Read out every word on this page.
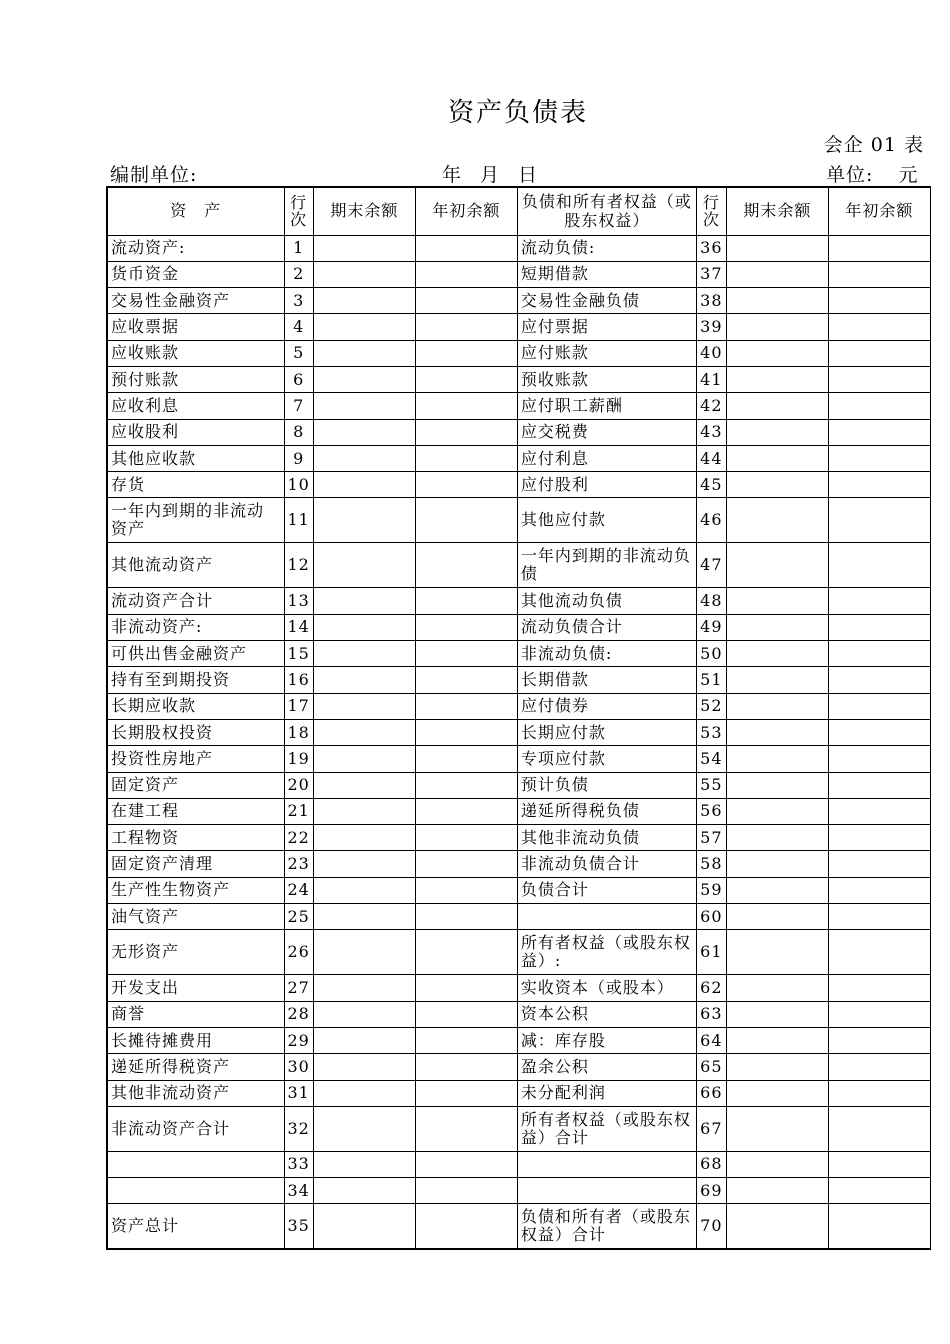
资产负债表
会企 01 表
编制单位:	年　月　日	单位: 元
资　产	行次	期末余额	年初余额	负债和所有者权益（或股东权益）	行次	期末余额	年初余额
流动资产:	1			流动负债:	36		
货币资金	2			短期借款	37		
交易性金融资产	3			交易性金融负债	38		
应收票据	4			应付票据	39		
应收账款	5			应付账款	40		
预付账款	6			预收账款	41		
应收利息	7			应付职工薪酬	42		
应收股利	8			应交税费	43		
其他应收款	9			应付利息	44		
存货	10			应付股利	45		
一年内到期的非流动资产	11			其他应付款	46		
其他流动资产	12			一年内到期的非流动负债	47		
流动资产合计	13			其他流动负债	48		
非流动资产:	14			流动负债合计	49		
可供出售金融资产	15			非流动负债:	50		
持有至到期投资	16			长期借款	51		
长期应收款	17			应付债券	52		
长期股权投资	18			长期应付款	53		
投资性房地产	19			专项应付款	54		
固定资产	20			预计负债	55		
在建工程	21			递延所得税负债	56		
工程物资	22			其他非流动负债	57		
固定资产清理	23			非流动负债合计	58		
生产性生物资产	24			负债合计	59		
油气资产	25				60		
无形资产	26			所有者权益（或股东权益）:	61		
开发支出	27			实收资本（或股本）	62		
商誉	28			资本公积	63		
长摊待摊费用	29			减：库存股	64		
递延所得税资产	30			盈余公积	65		
其他非流动资产	31			未分配利润	66		
非流动资产合计	32			所有者权益（或股东权 益）合计	67		
	33				68		
	34				69		
资产总计	35			负债和所有者（或股东权益）合计	70		
